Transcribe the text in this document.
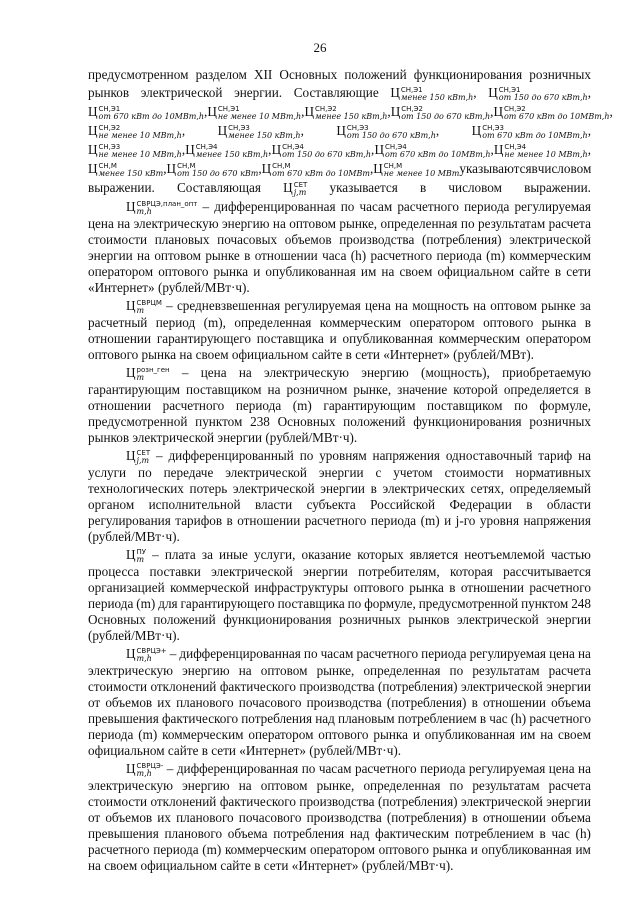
26
предусмотренном разделом XII Основных положений функционирования розничных
рынков электрической энергии. Составляющие Ц СН,Э1
менее 150 кВт,h , Ц СН,Э1
от 150 до 670 кВт,h ,
Ц СН,Э1
от 670 кВт до 10МВт,h , Ц СН,Э1
не менее 10 МВт,h , Ц СН,Э2
менее 150 кВт,h , Ц СН,Э2
от 150 до 670 кВт,h , Ц СН,Э2
от 670 кВт до 10МВт,h ,
Ц СН,Э2
не менее 10 МВт,h , Ц СН,Э3
менее 150 кВт,h , Ц СН,Э3
от 150 до 670 кВт,h , Ц СН,Э3
от 670 кВт до 10МВт,h ,
Ц СН,Э3
не менее 10 МВт,h , Ц СН,Э4
менее 150 кВт,h , Ц СН,Э4
от 150 до 670 кВт,h , Ц СН,Э4
от 670 кВт до 10МВт,h , Ц СН,Э4
не менее 10 МВт,h ,
Ц СН,М
менее 150 кВт , Ц СН,М
от 150 до 670 кВт , Ц СН,М
от 670 кВт до 10МВт , Ц СН,М
не менее 10 МВт указываются в числовом
выражении. Составляющая Ц СЕТ
j,m указывается в числовом выражении.
Ц СВРЦЭ,план_опт
m,h	– дифференцированная по часам расчетного периода регулируемая
цена на электрическую энергию на оптовом рынке, определенная по результатам расчета
стоимости плановых почасовых объемов производства (потребления) электрической
энергии на оптовом рынке в отношении часа (h) расчетного периода (m) коммерческим
оператором оптового рынка и опубликованная им на своем официальном сайте в сети
«Интернет»
(рублей/МВт·ч).

Ц СВРЦМ
m	– средневзвешенная регулируемая цена на мощность на оптовом рынке за
расчетный период (m), определенная коммерческим оператором оптового рынка в
отношении гарантирующего поставщика и опубликованная коммерческим оператором
оптового
рынка
на
своем
официальном
сайте
в
сети
«Интернет»
(рублей/МВт).

Ц розн_ген
m	– цена на электрическую энергию (мощность), приобретаемую
гарантирующим поставщиком на розничном рынке, значение которой определяется в
отношении расчетного периода (m) гарантирующим поставщиком по формуле,
предусмотренной пунктом 238 Основных положений функционирования розничных
рынков
электрической
энергии
(рублей/МВт·ч).

Ц СЕТ
j,m – дифференцированный по уровням напряжения одноставочный тариф на
услуги по передаче электрической энергии с учетом стоимости нормативных
технологических потерь электрической энергии в электрических сетях, определяемый
органом исполнительной власти субъекта Российской Федерации в области
регулирования тарифов в отношении расчетного периода (m) и j-го уровня напряжения
(рублей/МВт·ч).

Ц ПУ
m – плата за иные услуги, оказание которых является неотъемлемой частью
процесса поставки электрической энергии потребителям, которая рассчитывается
организацией коммерческой инфраструктуры оптового рынка в отношении расчетного
периода (m) для гарантирующего поставщика по формуле, предусмотренной пунктом 248
Основных положений функционирования розничных рынков электрической энергии
(рублей/МВт·ч).

Ц СВРЦЭ+
m,h	– дифференцированная по часам расчетного периода регулируемая цена на
электрическую энергию на оптовом рынке, определенная по результатам расчета
стоимости отклонений фактического производства (потребления) электрической энергии
от объемов их планового почасового производства (потребления) в отношении объема
превышения фактического потребления над плановым потреблением в час (h) расчетного
периода (m) коммерческим оператором оптового рынка и опубликованная им на своем
официальном
сайте
в
сети
«Интернет»
(рублей/МВт·ч).

Ц СВРЦЭ-
m,h	– дифференцированная по часам расчетного периода регулируемая цена на
электрическую энергию на оптовом рынке, определенная по результатам расчета
стоимости отклонений фактического производства (потребления) электрической энергии
от объемов их планового почасового производства (потребления) в отношении объема
превышения планового объема потребления над фактическим потреблением в час (h)
расчетного периода (m) коммерческим оператором оптового рынка и опубликованная им
на
своем
официальном
сайте
в
сети
«Интернет»
(рублей/МВт·ч).
